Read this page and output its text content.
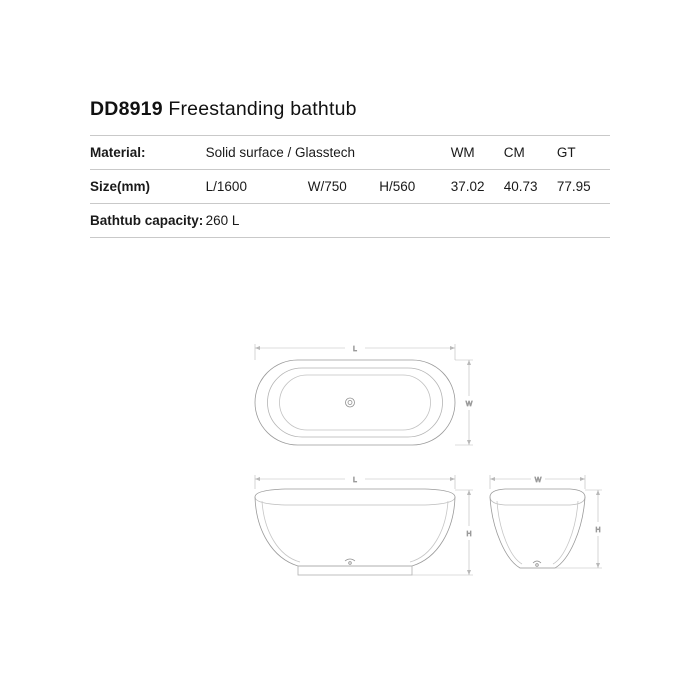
DD8919 Freestanding bathtub
Material:	Solid surface / Glasstech			WM	CM	GT
Size(mm)	L/1600	W/750	H/560	37.02	40.73	77.95
Bathtub capacity:	260 L					
L
W
L
H
W
H
